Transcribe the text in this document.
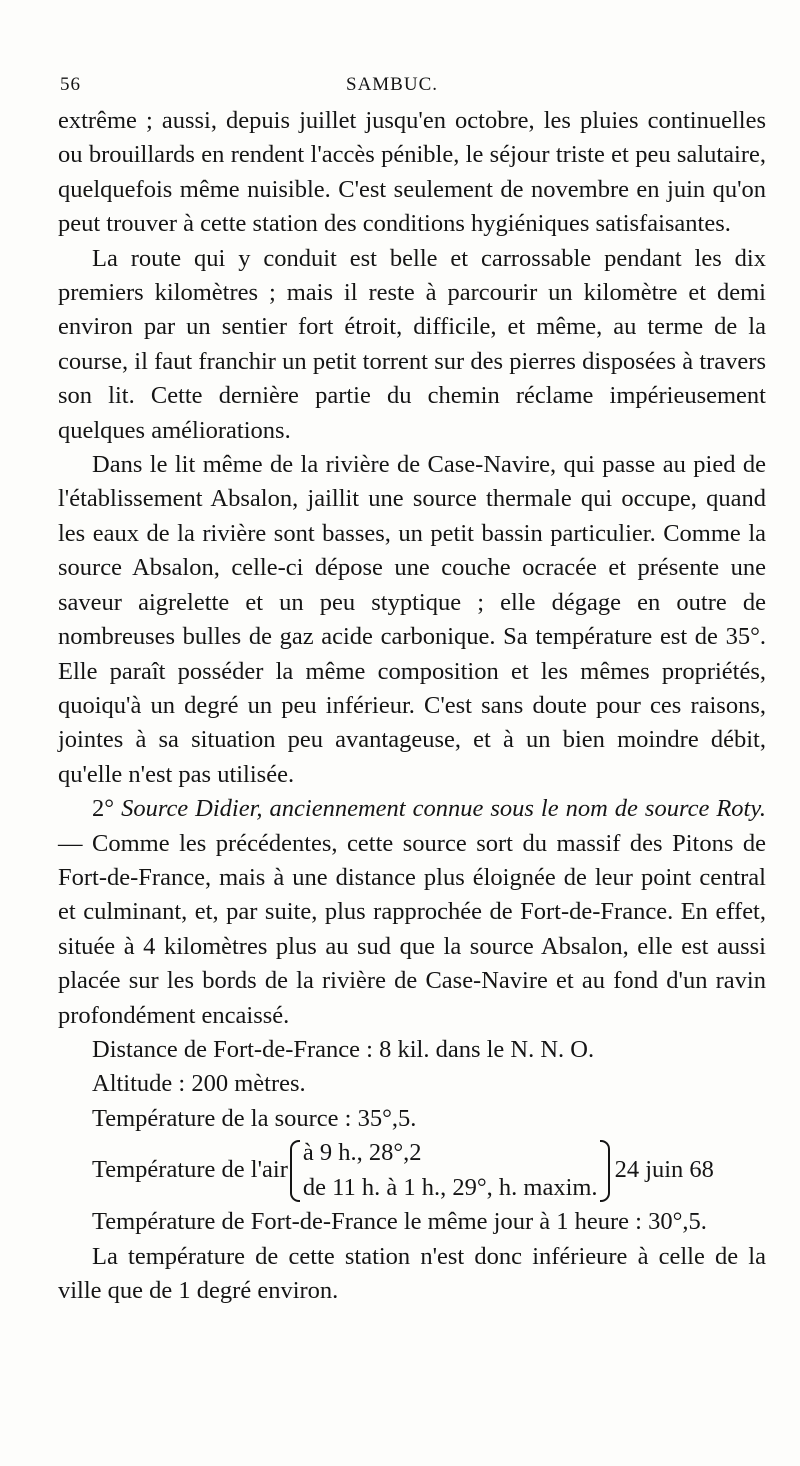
56	SAMBUC.

extrême ; aussi, depuis juillet jusqu'en octobre, les pluies continuelles ou brouillards en rendent l'accès pénible, le séjour triste et peu salutaire, quelquefois même nuisible. C'est seulement de novembre en juin qu'on peut trouver à cette station des conditions hygiéniques satisfaisantes.

La route qui y conduit est belle et carrossable pendant les dix premiers kilomètres ; mais il reste à parcourir un kilomètre et demi environ par un sentier fort étroit, difficile, et même, au terme de la course, il faut franchir un petit torrent sur des pierres disposées à travers son lit. Cette dernière partie du chemin réclame impérieusement quelques améliorations.

Dans le lit même de la rivière de Case-Navire, qui passe au pied de l'établissement Absalon, jaillit une source thermale qui occupe, quand les eaux de la rivière sont basses, un petit bassin particulier. Comme la source Absalon, celle-ci dépose une couche ocracée et présente une saveur aigrelette et un peu styptique ; elle dégage en outre de nombreuses bulles de gaz acide carbonique. Sa température est de 35°. Elle paraît posséder la même composition et les mêmes propriétés, quoiqu'à un degré un peu inférieur. C'est sans doute pour ces raisons, jointes à sa situation peu avantageuse, et à un bien moindre débit, qu'elle n'est pas utilisée.

2° Source Didier, anciennement connue sous le nom de source Roty. — Comme les précédentes, cette source sort du massif des Pitons de Fort-de-France, mais à une distance plus éloignée de leur point central et culminant, et, par suite, plus rapprochée de Fort-de-France. En effet, située à 4 kilomètres plus au sud que la source Absalon, elle est aussi placée sur les bords de la rivière de Case-Navire et au fond d'un ravin profondément encaissé.

Distance de Fort-de-France : 8 kil. dans le N. N. O.

Altitude : 200 mètres.

Température de la source : 35°,5.

Température de l'air
à 9 h., 28°,2
de 11 h. à 1 h., 29°, h. maxim.
24 juin 68

Température de Fort-de-France le même jour à 1 heure : 30°,5.

La température de cette station n'est donc inférieure à celle de la ville que de 1 degré environ.
